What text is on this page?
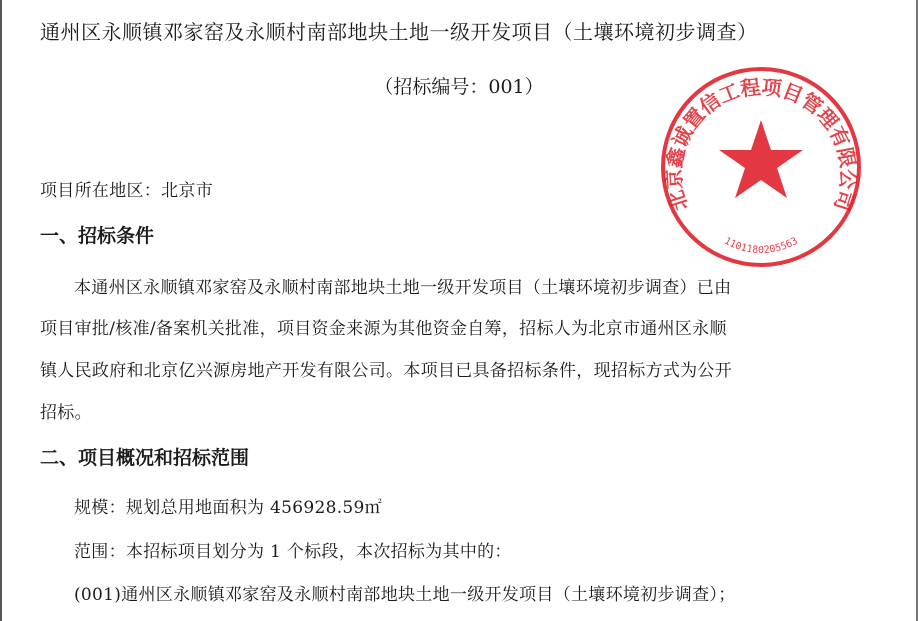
通州区永顺镇邓家窑及永顺村南部地块土地一级开发项目（土壤环境初步调查）
（招标编号：001）
项目所在地区：北京市
一、招标条件
本通州区永顺镇邓家窑及永顺村南部地块土地一级开发项目（土壤环境初步调查）已由
项目审批/核准/备案机关批准，项目资金来源为其他资金自筹，招标人为北京市通州区永顺
镇人民政府和北京亿兴源房地产开发有限公司。本项目已具备招标条件，现招标方式为公开
招标。
二、项目概况和招标范围
规模：规划总用地面积为 456928.59㎡
范围：本招标项目划分为 1 个标段，本次招标为其中的：
(001)通州区永顺镇邓家窑及永顺村南部地块土地一级开发项目（土壤环境初步调查）；
北京鑫诚置信工程项目管理有限公司
1101180205563
